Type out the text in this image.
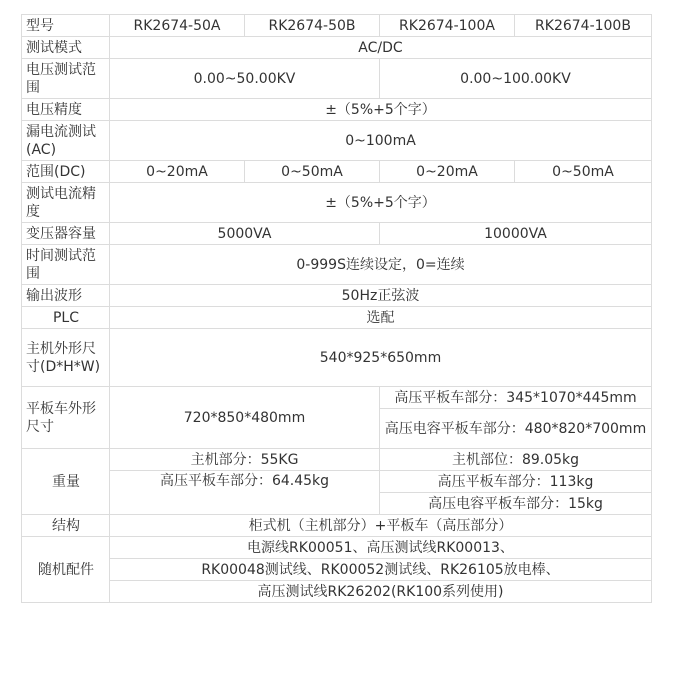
型号	RK2674-50A	RK2674-50B	RK2674-100A	RK2674-100B
测试模式	AC/DC			
电压测试范围	0.00~50.00KV		0.00~100.00KV	
电压精度	±（5%+5个字）			
漏电流测试(AC)	0~100mA			
范围(DC)	0~20mA	0~50mA	0~20mA	0~50mA
测试电流精度	±（5%+5个字）			
变压器容量	5000VA		10000VA	
时间测试范围	0-999S连续设定，0=连续			
输出波形	50Hz正弦波			
PLC	选配			
主机外形尺寸(D*H*W)	540*925*650mm			
平板车外形尺寸	720*850*480mm		高压平板车部分：345*1070*445mm	
			高压电容平板车部分：480*820*700mm	
重量	主机部分：55KG		主机部位：89.05kg	
	高压平板车部分：64.45kg		高压平板车部分：113kg	
			高压电容平板车部分：15kg	
结构	柜式机（主机部分）+平板车（高压部分）			
随机配件	电源线RK00051、高压测试线RK00013、			
	RK00048测试线、RK00052测试线、RK26105放电棒、			
	高压测试线RK26202(RK100系列使用)			
